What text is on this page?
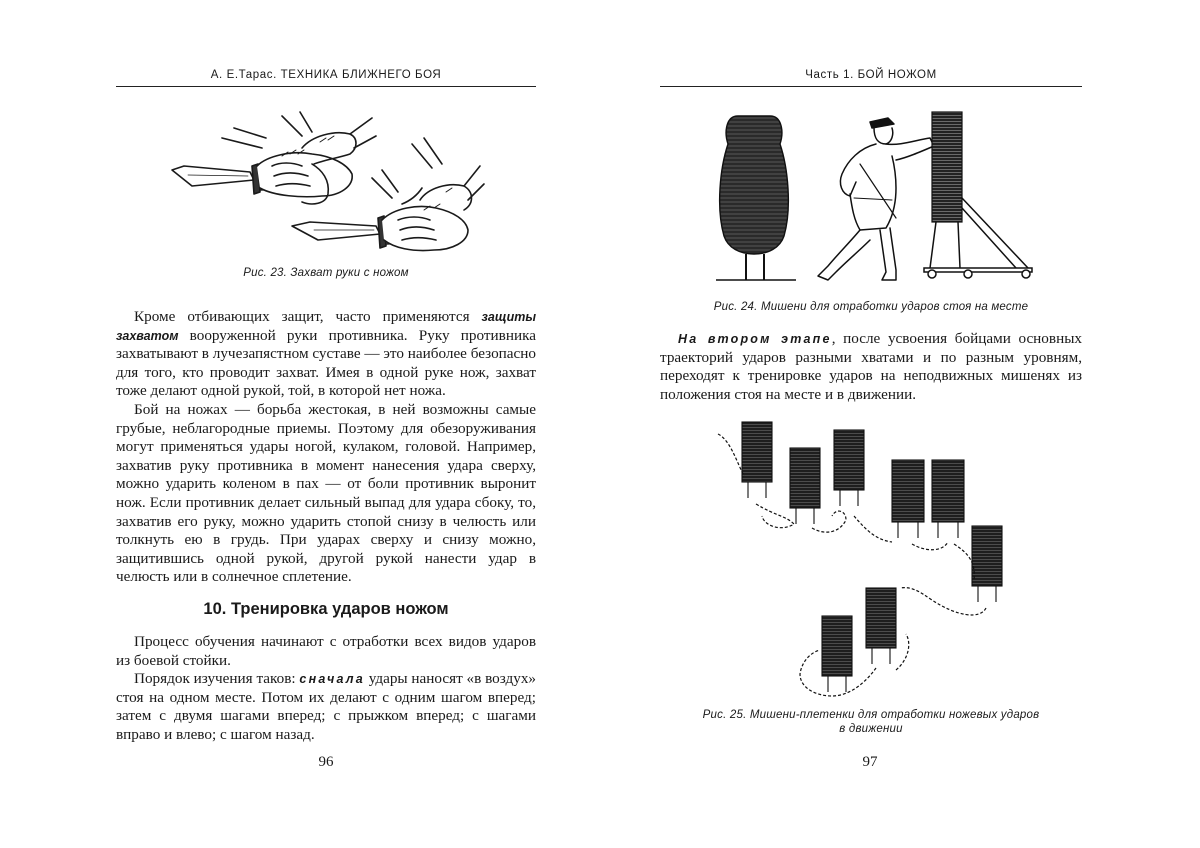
А. Е.Тарас. ТЕХНИКА БЛИЖНЕГО БОЯ
Рис. 23. Захват руки с ножом

Кроме отбивающих защит, часто применяются защиты захватом вооруженной руки противника. Руку противника захватывают в лучезапястном суставе — это наиболее безопасно для того, кто проводит захват. Имея в одной руке нож, захват тоже делают одной рукой, той, в которой нет ножа.

Бой на ножах — борьба жестокая, в ней возможны самые грубые, неблагородные приемы. Поэтому для обезоруживания могут применяться удары ногой, кулаком, головой. Например, захватив руку противника в момент нанесения удара сверху, можно ударить коленом в пах — от боли противник выронит нож. Если противник делает сильный выпад для удара сбоку, то, захватив его руку, можно ударить стопой снизу в челюсть или толкнуть ею в грудь. При ударах сверху и снизу можно, защитившись одной рукой, другой рукой нанести удар в челюсть или в солнечное сплетение.

10. Тренировка ударов ножом

Процесс обучения начинают с отработки всех видов ударов из боевой стойки.

Порядок изучения таков: сначала удары наносят «в воздух» стоя на одном месте. Потом их делают с одним шагом вперед; затем с двумя шагами вперед; с прыжком вперед; с шагами вправо и влево; с шагом назад.

96
Часть 1. БОЙ НОЖОМ
Рис. 24. Мишени для отработки ударов стоя на месте

На втором этапе, после усвоения бойцами основных траекторий ударов разными хватами и по разным уровням, переходят к тренировке ударов на неподвижных мишенях из положения стоя на месте и в движении.

Рис. 25. Мишени-плетенки для отработки ножевых ударов
в движении
97
